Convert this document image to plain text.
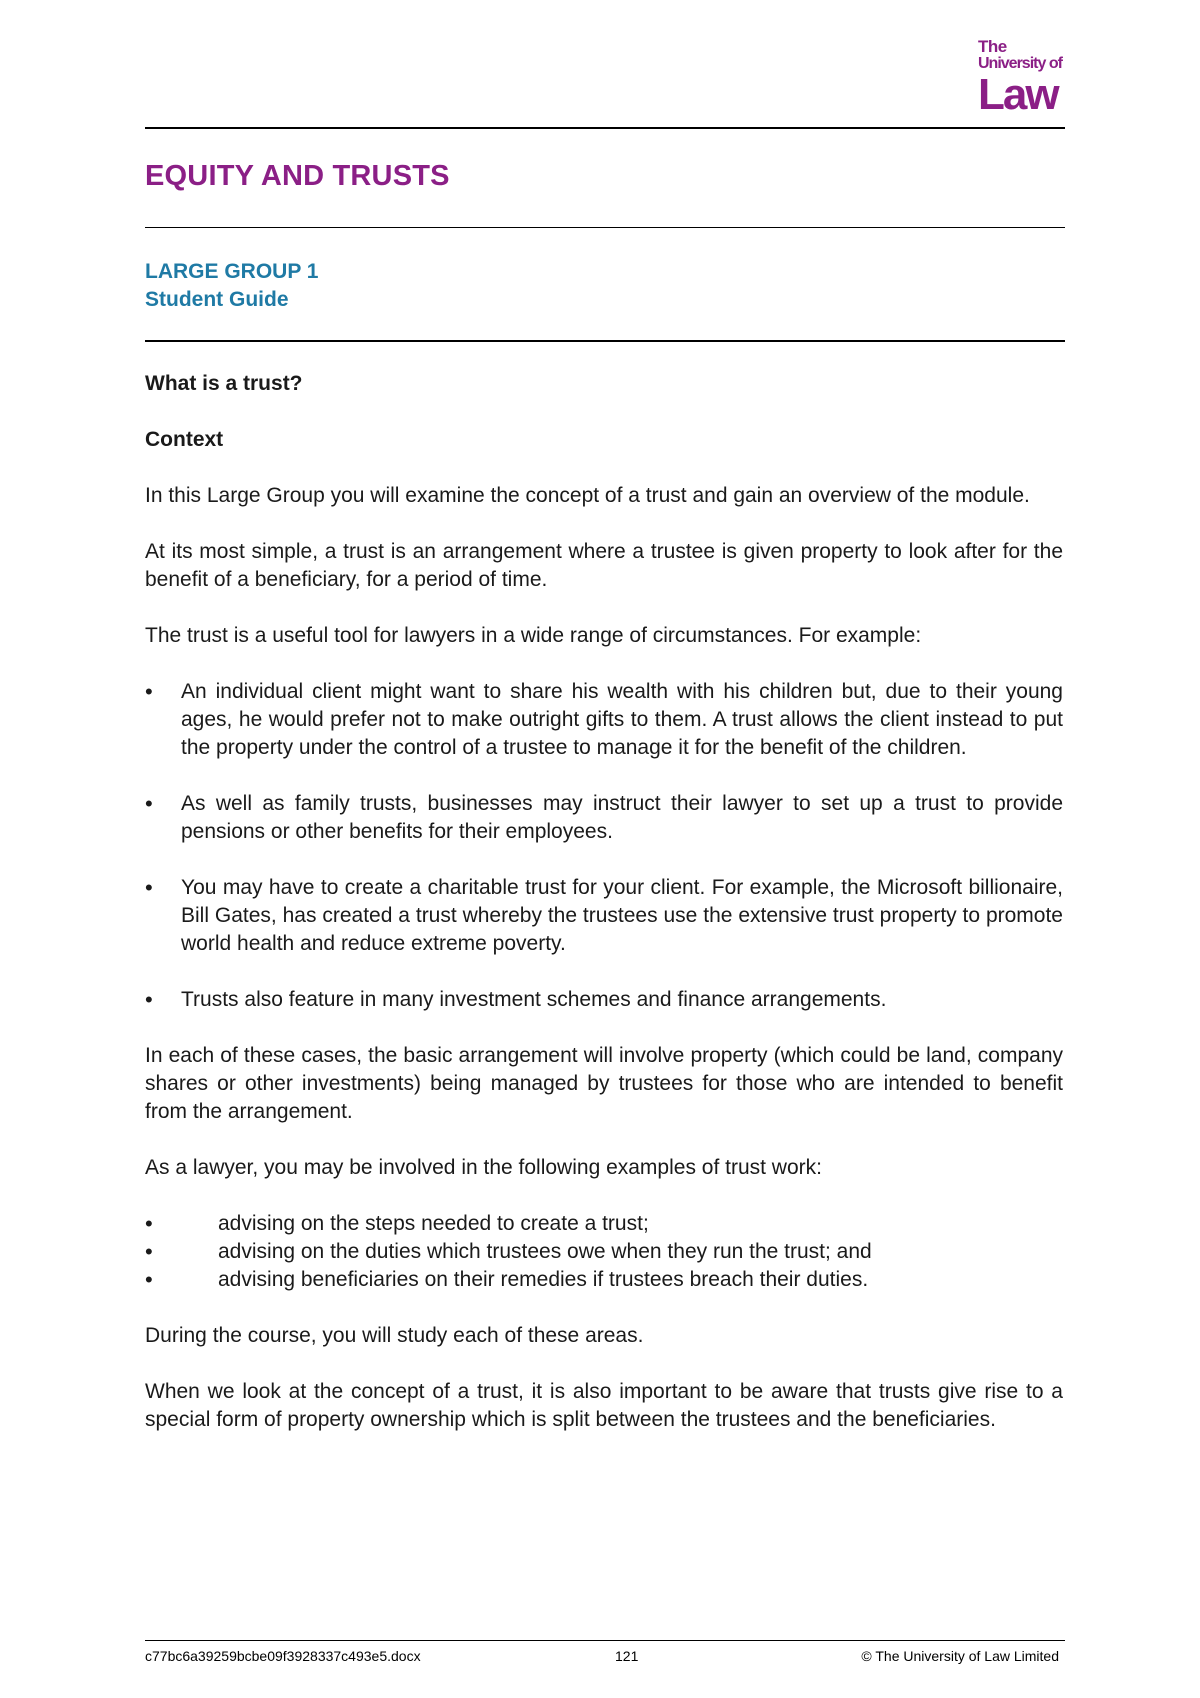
The
University of
Law
EQUITY AND TRUSTS
LARGE GROUP 1
Student Guide
What is a trust?
Context

In this Large Group you will examine the concept of a trust and gain an overview of the module.

At its most simple, a trust is an arrangement where a trustee is given property to look after for the benefit of a beneficiary, for a period of time.

The trust is a useful tool for lawyers in a wide range of circumstances. For example:

• An individual client might want to share his wealth with his children but, due to their young ages, he would prefer not to make outright gifts to them. A trust allows the client instead to put the property under the control of a trustee to manage it for the benefit of the children.
• As well as family trusts, businesses may instruct their lawyer to set up a trust to provide pensions or other benefits for their employees.
• You may have to create a charitable trust for your client. For example, the Microsoft billionaire, Bill Gates, has created a trust whereby the trustees use the extensive trust property to promote world health and reduce extreme poverty.
• Trusts also feature in many investment schemes and finance arrangements.

In each of these cases, the basic arrangement will involve property (which could be land, company shares or other investments) being managed by trustees for those who are intended to benefit from the arrangement.

As a lawyer, you may be involved in the following examples of trust work:

• advising on the steps needed to create a trust;
• advising on the duties which trustees owe when they run the trust; and
• advising beneficiaries on their remedies if trustees breach their duties.

During the course, you will study each of these areas.

When we look at the concept of a trust, it is also important to be aware that trusts give rise to a special form of property ownership which is split between the trustees and the beneficiaries.

c77bc6a39259bcbe09f3928337c493e5.docx	121	© The University of Law Limited
